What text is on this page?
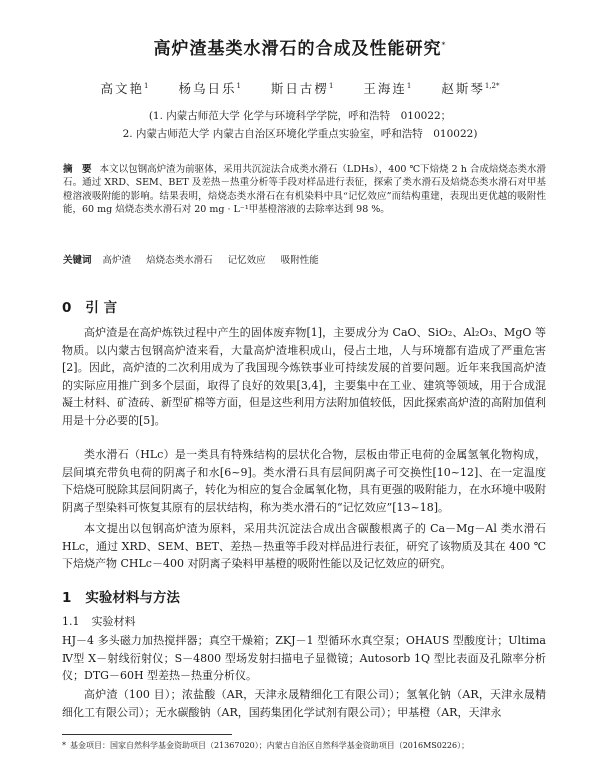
高炉渣基类水滑石的合成及性能研究*
高文艳$^1$ 杨乌日乐$^1$ 斯日古楞$^1$ 王海连$^1$ 赵斯琴$^{1,2*}$
(1. 内蒙古师范大学 化学与环境科学学院，呼和浩特　010022；
2. 内蒙古师范大学 内蒙古自治区环境化学重点实验室，呼和浩特　010022)
摘　要 本文以包钢高炉渣为前驱体，采用共沉淀法合成类水滑石（LDHs），400 ℃下焙烧 2 h 合成焙烧态类水滑石。通过 XRD、SEM、BET 及差热－热重分析等手段对样品进行表征，探索了类水滑石及焙烧态类水滑石对甲基橙溶液吸附能的影响。结果表明，焙烧态类水滑石在有机染料中具“记忆效应”而结构重建，表现出更优越的吸附性能，60 mg 焙烧态类水滑石对 20 mg · L⁻¹甲基橙溶液的去除率达到 98 %。
关键词 高炉渣 焙烧态类水滑石 记忆效应 吸附性能
0 引 言
高炉渣是在高炉炼铁过程中产生的固体废弃物[1]，主要成分为 CaO、SiO₂、Al₂O₃、MgO 等物质。以内蒙古包钢高炉渣来看，大量高炉渣堆积成山，侵占土地，人与环境都有造成了严重危害[2]。因此，高炉渣的二次利用成为了我国现今炼铁事业可持续发展的首要问题。近年来我国高炉渣的实际应用推广到多个层面，取得了良好的效果[3,4]，主要集中在工业、建筑等领域，用于合成混凝土材料、矿渣砖、新型矿棉等方面，但是这些利用方法附加值较低，因此探索高炉渣的高附加值利用是十分必要的[5]。
类水滑石（HLc）是一类具有特殊结构的层状化合物，层板由带正电荷的金属氢氧化物构成，层间填充带负电荷的阴离子和水[6~9]。类水滑石具有层间阴离子可交换性[10~12]、在一定温度下焙烧可脱除其层间阴离子，转化为相应的复合金属氧化物，具有更强的吸附能力，在水环境中吸附阴离子型染料可恢复其原有的层状结构，称为类水滑石的“记忆效应”[13~18]。
本文提出以包钢高炉渣为原料，采用共沉淀法合成出含碳酸根离子的 Ca－Mg－Al 类水滑石 HLc，通过 XRD、SEM、BET、差热－热重等手段对样品进行表征，研究了该物质及其在 400 ℃下焙烧产物 CHLc－400 对阴离子染料甲基橙的吸附性能以及记忆效应的研究。
1 实验材料与方法
1.1 实验材料
HJ－4 多头磁力加热搅拌器；真空干燥箱；ZKJ－1 型循环水真空泵；OHAUS 型酸度计；Ultima Ⅳ型 X－射线衍射仪；S－4800 型场发射扫描电子显微镜；Autosorb 1Q 型比表面及孔隙率分析仪；DTG－60H 型差热－热重分析仪。
高炉渣（100 目）；浓盐酸（AR，天津永晟精细化工有限公司）；氢氧化钠（AR，天津永晟精细化工有限公司）；无水碳酸钠（AR，国药集团化学试剂有限公司）；甲基橙（AR，天津永
* 基金项目：国家自然科学基金资助项目（21367020）；内蒙古自治区自然科学基金资助项目（2016MS0226）；
